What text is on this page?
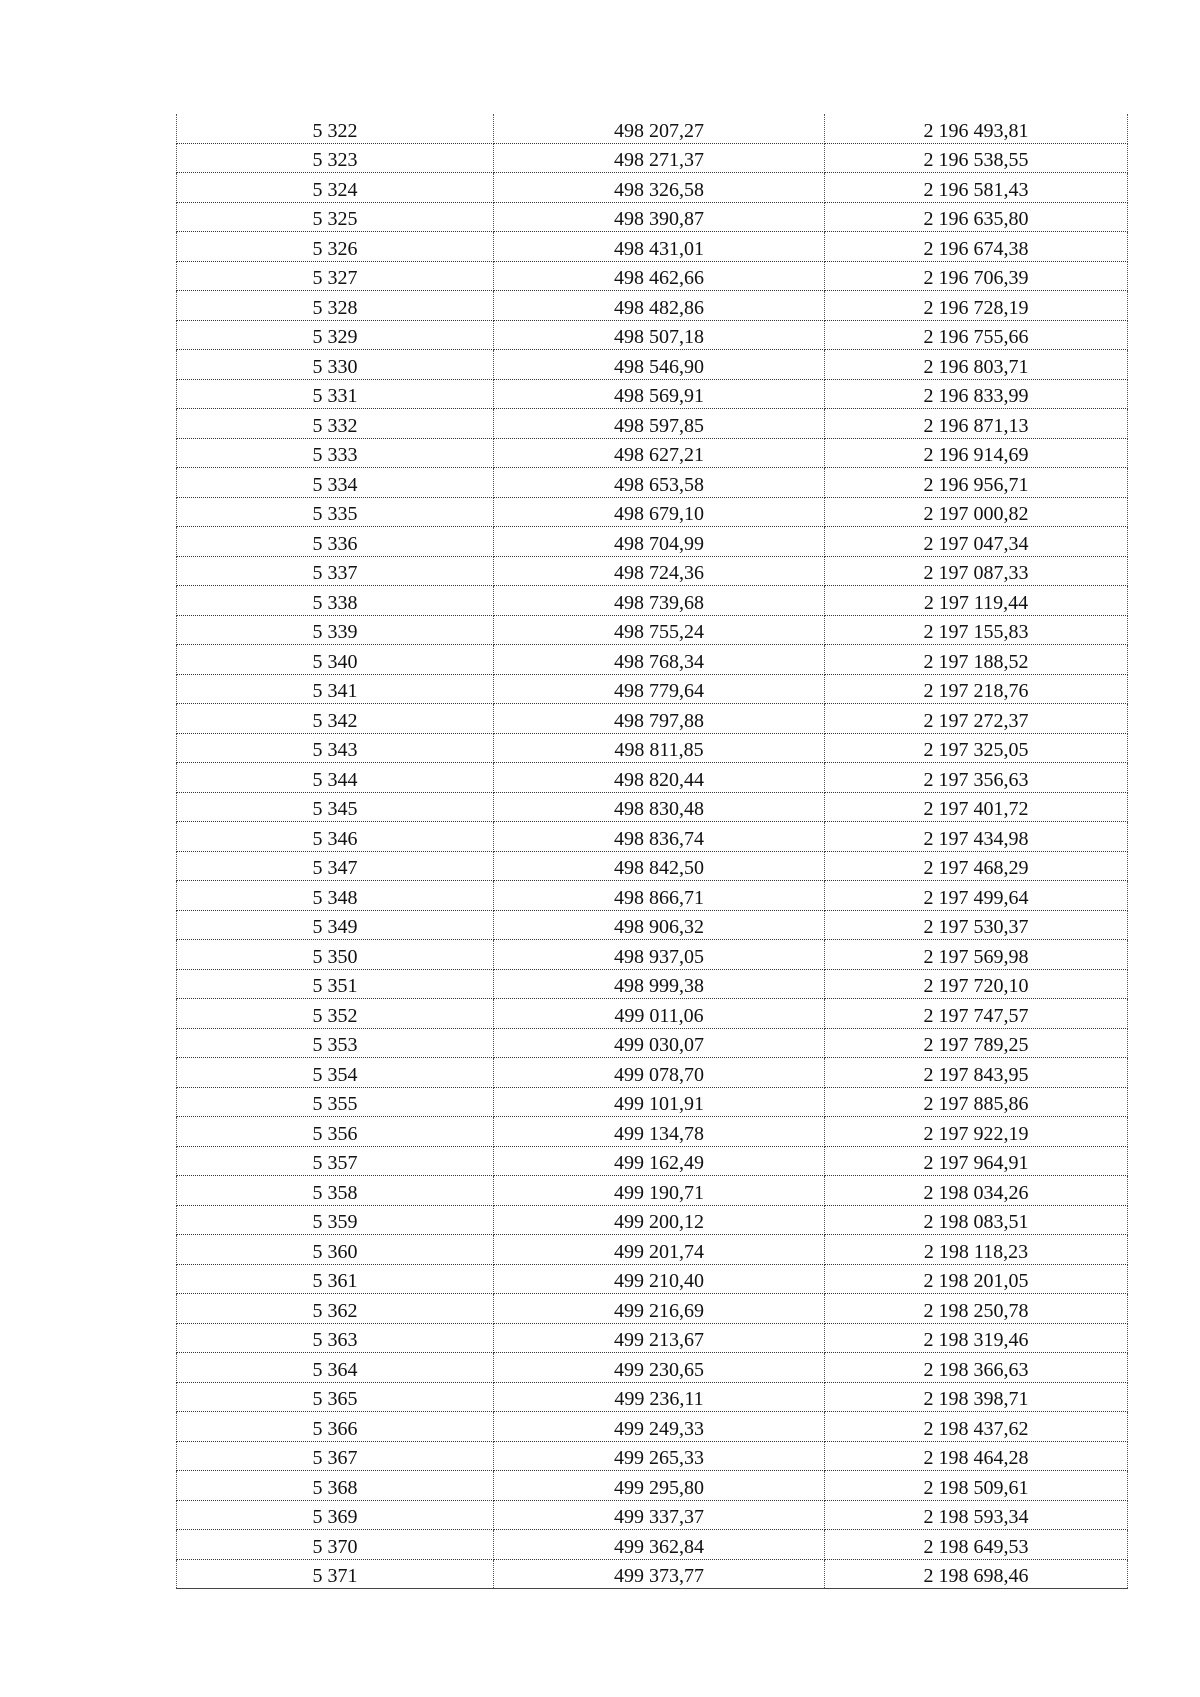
5 322	498 207,27	2 196 493,81
5 323	498 271,37	2 196 538,55
5 324	498 326,58	2 196 581,43
5 325	498 390,87	2 196 635,80
5 326	498 431,01	2 196 674,38
5 327	498 462,66	2 196 706,39
5 328	498 482,86	2 196 728,19
5 329	498 507,18	2 196 755,66
5 330	498 546,90	2 196 803,71
5 331	498 569,91	2 196 833,99
5 332	498 597,85	2 196 871,13
5 333	498 627,21	2 196 914,69
5 334	498 653,58	2 196 956,71
5 335	498 679,10	2 197 000,82
5 336	498 704,99	2 197 047,34
5 337	498 724,36	2 197 087,33
5 338	498 739,68	2 197 119,44
5 339	498 755,24	2 197 155,83
5 340	498 768,34	2 197 188,52
5 341	498 779,64	2 197 218,76
5 342	498 797,88	2 197 272,37
5 343	498 811,85	2 197 325,05
5 344	498 820,44	2 197 356,63
5 345	498 830,48	2 197 401,72
5 346	498 836,74	2 197 434,98
5 347	498 842,50	2 197 468,29
5 348	498 866,71	2 197 499,64
5 349	498 906,32	2 197 530,37
5 350	498 937,05	2 197 569,98
5 351	498 999,38	2 197 720,10
5 352	499 011,06	2 197 747,57
5 353	499 030,07	2 197 789,25
5 354	499 078,70	2 197 843,95
5 355	499 101,91	2 197 885,86
5 356	499 134,78	2 197 922,19
5 357	499 162,49	2 197 964,91
5 358	499 190,71	2 198 034,26
5 359	499 200,12	2 198 083,51
5 360	499 201,74	2 198 118,23
5 361	499 210,40	2 198 201,05
5 362	499 216,69	2 198 250,78
5 363	499 213,67	2 198 319,46
5 364	499 230,65	2 198 366,63
5 365	499 236,11	2 198 398,71
5 366	499 249,33	2 198 437,62
5 367	499 265,33	2 198 464,28
5 368	499 295,80	2 198 509,61
5 369	499 337,37	2 198 593,34
5 370	499 362,84	2 198 649,53
5 371	499 373,77	2 198 698,46
